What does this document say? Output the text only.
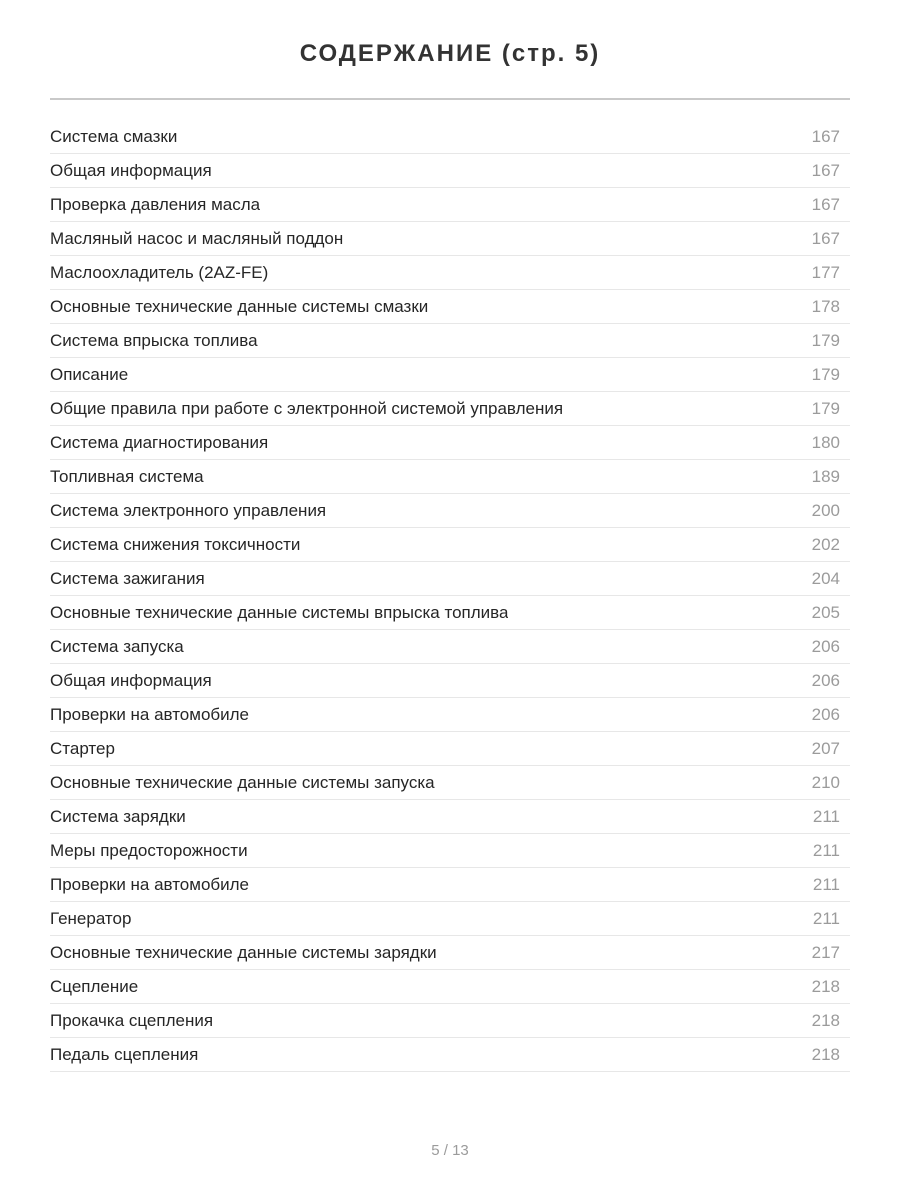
СОДЕРЖАНИЕ (стр. 5)
Система смазки	167
Общая информация	167
Проверка давления масла	167
Масляный насос и масляный поддон	167
Маслоохладитель (2AZ-FE)	177
Основные технические данные системы смазки	178
Система впрыска топлива	179
Описание	179
Общие правила при работе с электронной системой управления	179
Система диагностирования	180
Топливная система	189
Система электронного управления	200
Система снижения токсичности	202
Система зажигания	204
Основные технические данные системы впрыска топлива	205
Система запуска	206
Общая информация	206
Проверки на автомобиле	206
Стартер	207
Основные технические данные системы запуска	210
Система зарядки	211
Меры предосторожности	211
Проверки на автомобиле	211
Генератор	211
Основные технические данные системы зарядки	217
Сцепление	218
Прокачка сцепления	218
Педаль сцепления	218
5 / 13
